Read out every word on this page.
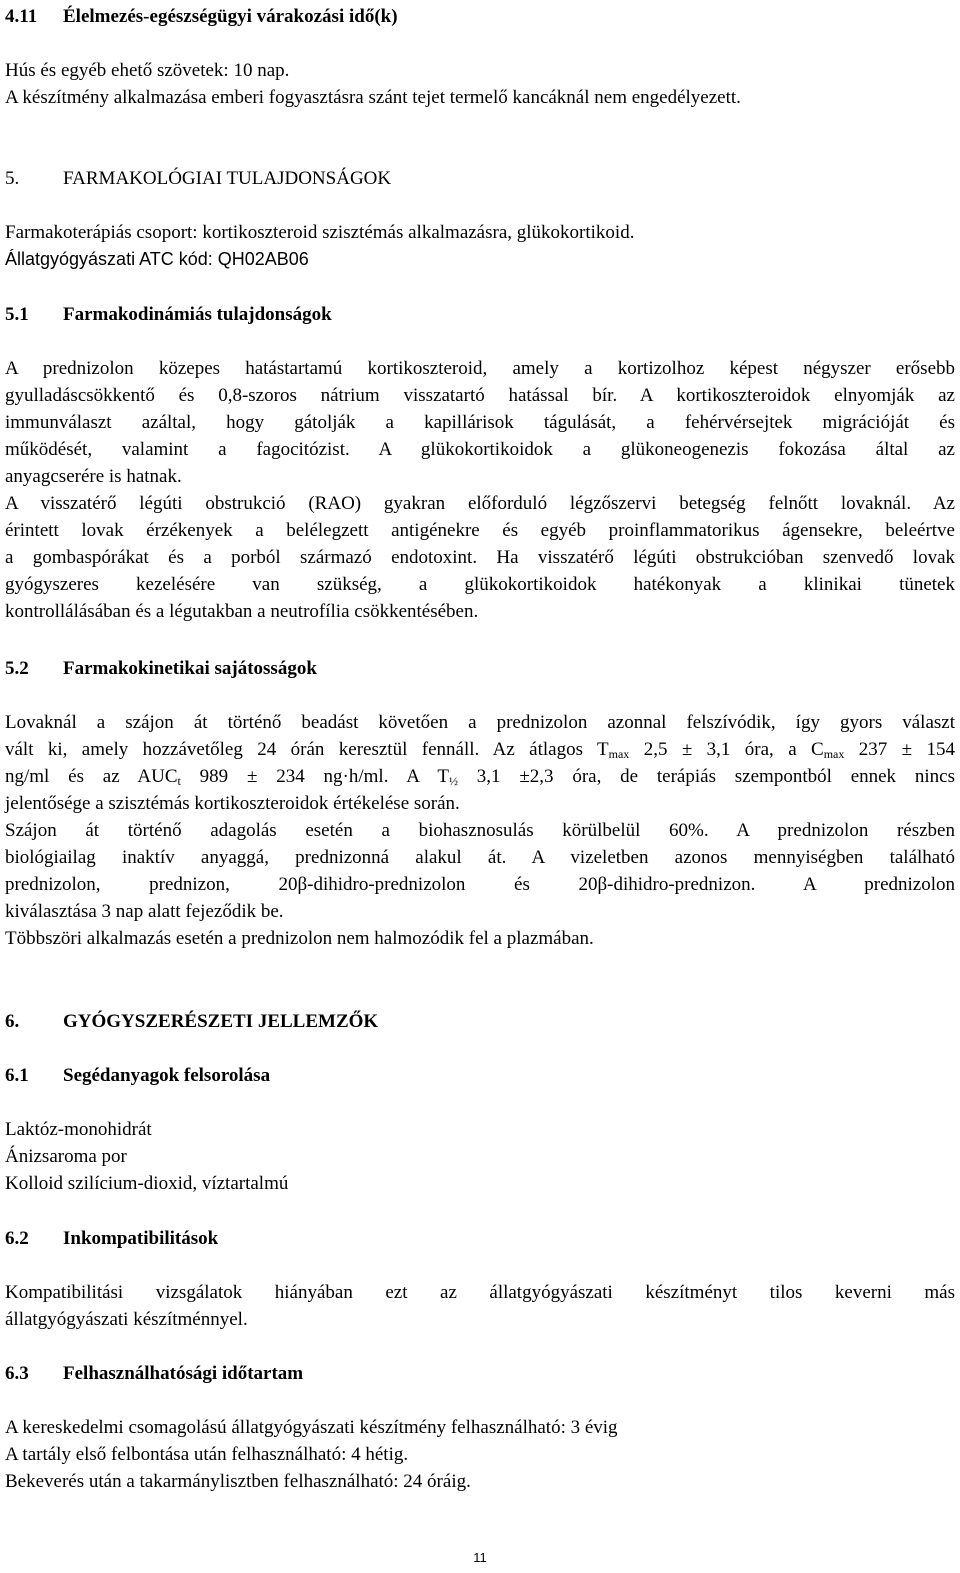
4.11 Élelmezés-egészségügyi várakozási idő(k)
Hús és egyéb ehető szövetek: 10 nap.
A készítmény alkalmazása emberi fogyasztásra szánt tejet termelő kancáknál nem engedélyezett.
5. FARMAKOLÓGIAI TULAJDONSÁGOK
Farmakoterápiás csoport: kortikoszteroid szisztémás alkalmazásra, glükokortikoid.
Állatgyógyászati ATC kód: QH02AB06
5.1 Farmakodinámiás tulajdonságok
A prednizolon közepes hatástartamú kortikoszteroid, amely a kortizolhoz képest négyszer erősebb
gyulladáscsökkentő és 0,8-szoros nátrium visszatartó hatással bír. A kortikoszteroidok elnyomják az
immunválaszt azáltal, hogy gátolják a kapillárisok tágulását, a fehérvérsejtek migrációját és
működését, valamint a fagocitózist. A glükokortikoidok a glükoneogenezis fokozása által az
anyagcserére is hatnak.
A visszatérő légúti obstrukció (RAO) gyakran előforduló légzőszervi betegség felnőtt lovaknál. Az
érintett lovak érzékenyek a belélegzett antigénekre és egyéb proinflammatorikus ágensekre, beleértve
a gombaspórákat és a porból származó endotoxint. Ha visszatérő légúti obstrukcióban szenvedő lovak
gyógyszeres kezelésére van szükség, a glükokortikoidok hatékonyak a klinikai tünetek
kontrollálásában és a légutakban a neutrofília csökkentésében.
5.2 Farmakokinetikai sajátosságok
Lovaknál a szájon át történő beadást követően a prednizolon azonnal felszívódik, így gyors választ
vált ki, amely hozzávetőleg 24 órán keresztül fennáll. Az átlagos $T_{max}$ 2,5 ± 3,1 óra, a $C_{max}$ 237 ± 154
ng/ml és az $AUC_t$ 989 ± 234 ng·h/ml. A $T_{\frac{1}{2}}$ 3,1 ±2,3 óra, de terápiás szempontból ennek nincs
jelentősége a szisztémás kortikoszteroidok értékelése során.
Szájon át történő adagolás esetén a biohasznosulás körülbelül 60%. A prednizolon részben
biológiailag inaktív anyaggá, prednizonná alakul át. A vizeletben azonos mennyiségben található
prednizolon, prednizon, 20β-dihidro-prednizolon és 20β-dihidro-prednizon. A prednizolon
kiválasztása 3 nap alatt fejeződik be.
Többszöri alkalmazás esetén a prednizolon nem halmozódik fel a plazmában.
6. GYÓGYSZERÉSZETI JELLEMZŐK
6.1 Segédanyagok felsorolása
Laktóz-monohidrát
Ánizsaroma por
Kolloid szilícium-dioxid, víztartalmú
6.2 Inkompatibilitások
Kompatibilitási vizsgálatok hiányában ezt az állatgyógyászati készítményt tilos keverni más
állatgyógyászati készítménnyel.
6.3 Felhasználhatósági időtartam
A kereskedelmi csomagolású állatgyógyászati készítmény felhasználható: 3 évig
A tartály első felbontása után felhasználható: 4 hétig.
Bekeverés után a takarmánylisztben felhasználható: 24 óráig.
11
